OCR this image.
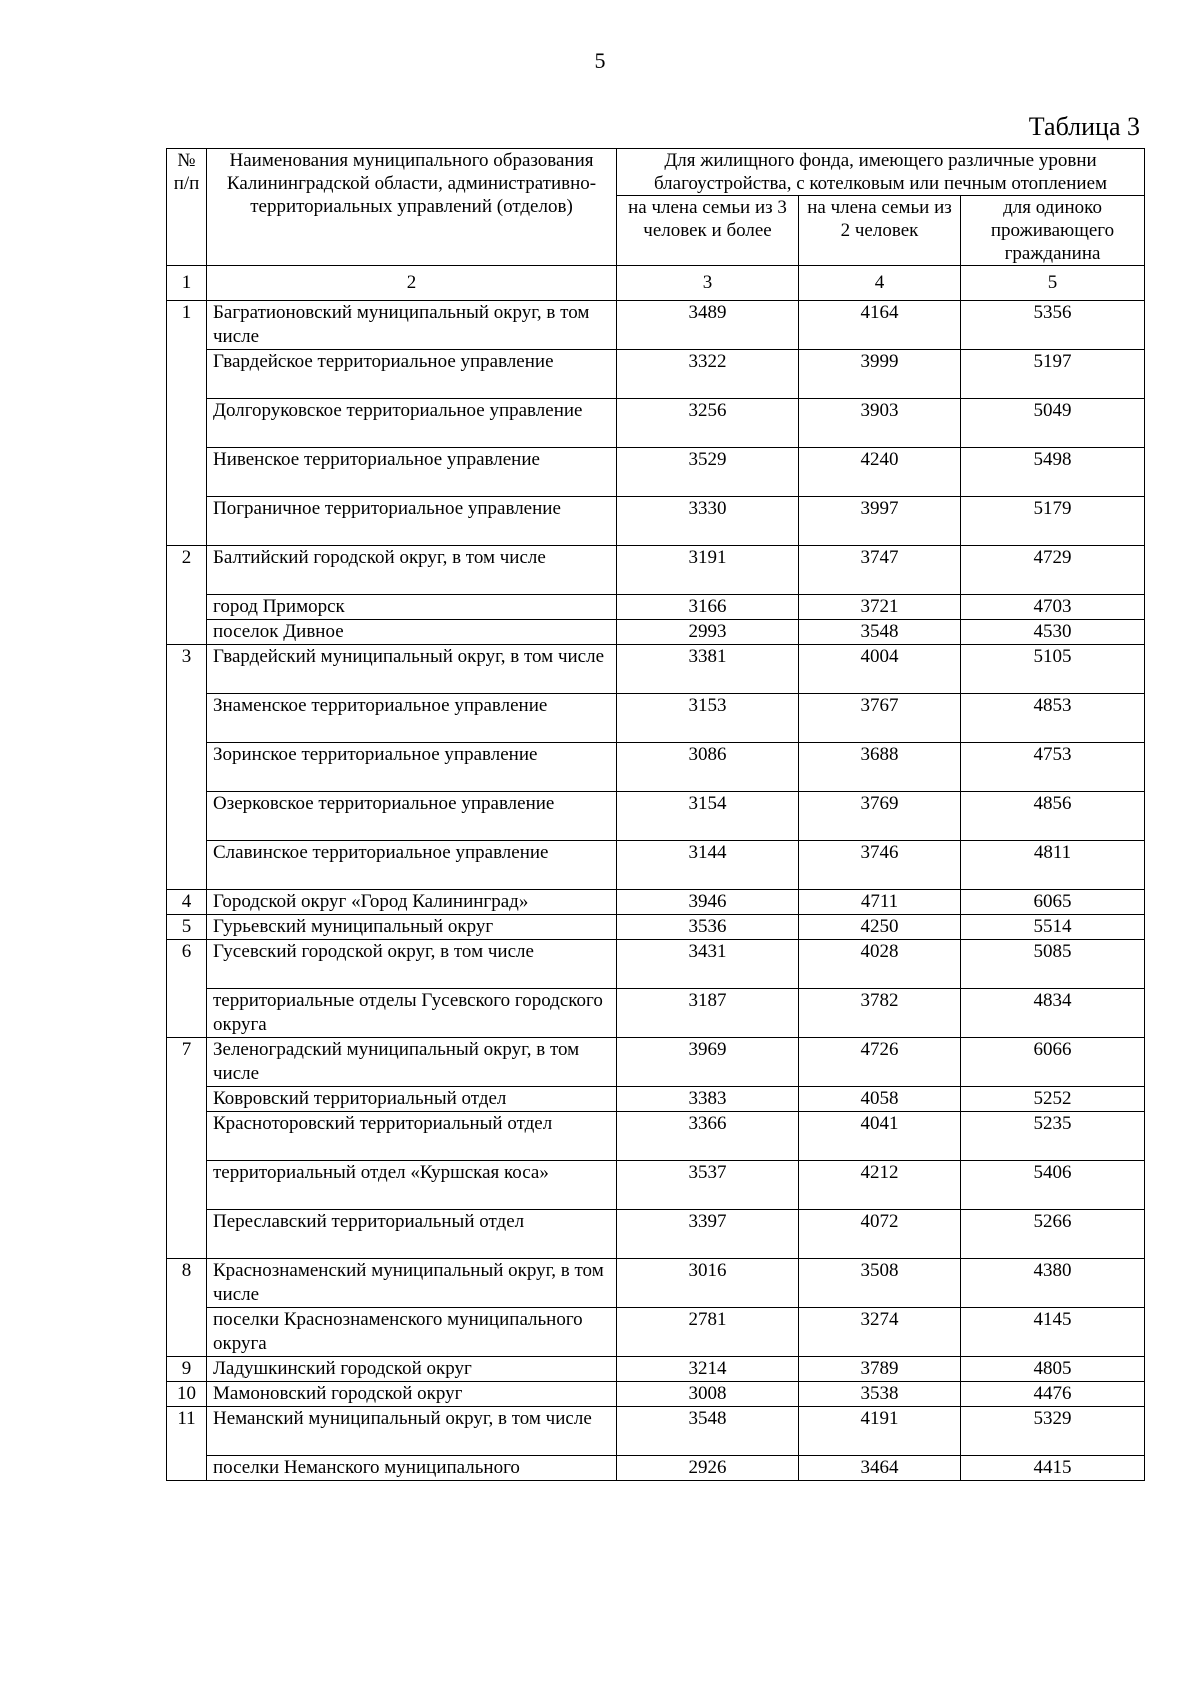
5
Таблица 3
№
п/п	Наименования муниципального образования Калининградской области, административно-территориальных управлений (отделов)	Для жилищного фонда, имеющего различные уровни благоустройства, с котелковым или печным отоплением		
		на члена семьи из 3 человек и более	на члена семьи из 2 человек	для одиноко проживающего гражданина
1	2	3	4	5
1	Багратионовский муниципальный округ, в том числе	3489	4164	5356
	Гвардейское территориальное управление	3322	3999	5197
	Долгоруковское территориальное управление	3256	3903	5049
	Нивенское территориальное управление	3529	4240	5498
	Пограничное территориальное управление	3330	3997	5179
2	Балтийский городской округ, в том числе	3191	3747	4729
	город Приморск	3166	3721	4703
	поселок Дивное	2993	3548	4530
3	Гвардейский муниципальный округ, в том числе	3381	4004	5105
	Знаменское территориальное управление	3153	3767	4853
	Зоринское территориальное управление	3086	3688	4753
	Озерковское территориальное управление	3154	3769	4856
	Славинское территориальное управление	3144	3746	4811
4	Городской округ «Город Калининград»	3946	4711	6065
5	Гурьевский муниципальный округ	3536	4250	5514
6	Гусевский городской округ, в том числе	3431	4028	5085
	территориальные отделы Гусевского городского округа	3187	3782	4834
7	Зеленоградский муниципальный округ, в том числе	3969	4726	6066
	Ковровский территориальный отдел	3383	4058	5252
	Красноторовский территориальный отдел	3366	4041	5235
	территориальный отдел «Куршская коса»	3537	4212	5406
	Переславский территориальный отдел	3397	4072	5266
8	Краснознаменский муниципальный округ, в том числе	3016	3508	4380
	поселки Краснознаменского муниципального округа	2781	3274	4145
9	Ладушкинский городской округ	3214	3789	4805
10	Мамоновский городской округ	3008	3538	4476
11	Неманский муниципальный округ, в том числе	3548	4191	5329
	поселки Неманского муниципального	2926	3464	4415
